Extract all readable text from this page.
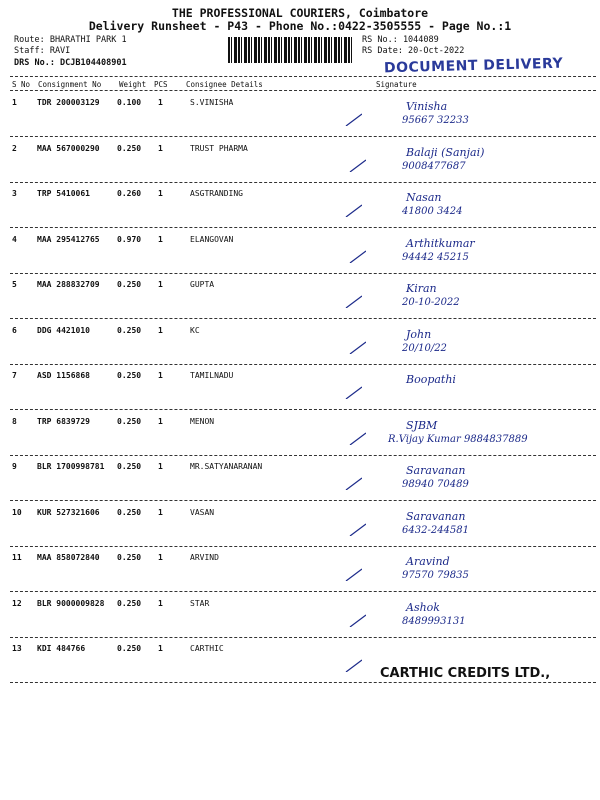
THE PROFESSIONAL COURIERS, Coimbatore
Delivery Runsheet - P43 - Phone No.:0422-3505555 - Page No.:1
Route: BHARATHI PARK 1
Staff: RAVI
DRS No.: DCJB104408901
RS No.: 1044089
RS Date: 20-Oct-2022
DOCUMENT DELIVERY
S No Consignment No Weight PCS Consignee Details	Signature
1	TDR 200003129 0.100 1	S.VINISHA	Vinisha
95667 32233
2	MAA 567000290 0.250 1	TRUST PHARMA	Balaji (Sanjai)
9008477687
3	TRP 5410061	0.260 1	ASGTRANDING	Nasan
41800 3424
4	MAA 295412765 0.970 1	ELANGOVAN	Arthitkumar
94442 45215
5	MAA 288832709 0.250 1	GUPTA	Kiran
20-10-2022
6	DDG 4421010	0.250 1	KC	John
20/10/22
7	ASD 1156868	0.250 1	TAMILNADU	Boopathi
8	TRP 6839729	0.250 1	MENON	SJBM
R.Vijay Kumar 9884837889
9	BLR 1700998781 0.250 1	MR.SATYANARANAN	Saravanan
98940 70489
10 KUR 527321606 0.250 1	VASAN	Saravanan
6432-244581
11 MAA 858072840 0.250 1	ARVIND	Aravind
97570 79835
12 BLR 9000009828 0.250 1	STAR	Ashok
8489993131
13 KDI 484766	0.250 1	CARTHIC
CARTHIC CREDITS LTD.,
